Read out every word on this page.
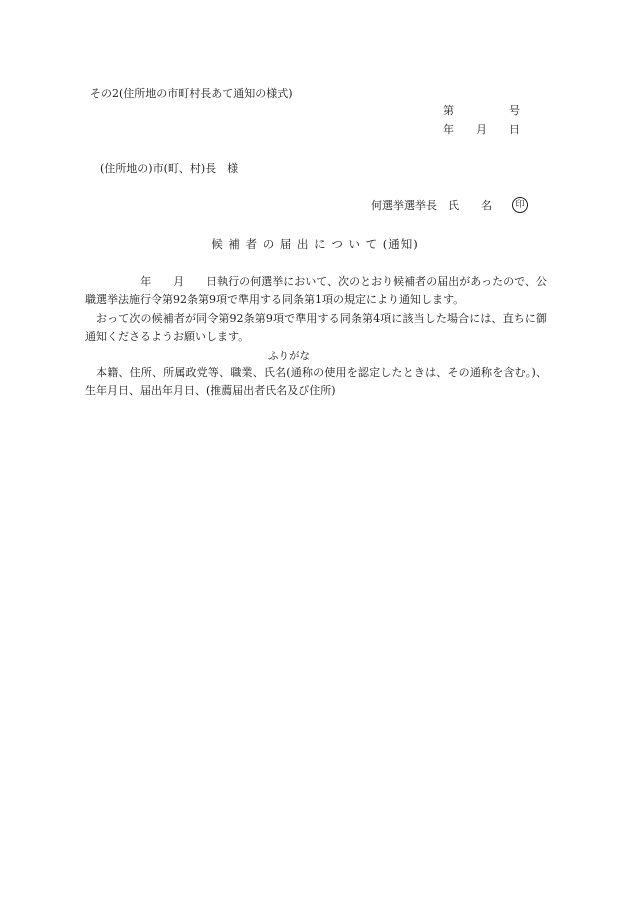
その2(住所地の市町村長あて通知の様式)
第　　　　　号
年　　月　　日
(住所地の)市(町、村)長　様
何選挙選挙長　氏　　名	印
候 補 者 の 届 出 に つ い て (通知)

　　　　　年　　月　　日執行の何選挙において、次のとおり候補者の届出があったので、公職選挙法施行令第92条第9項で準用する同条第1項の規定により通知します。

おって次の候補者が同令第92条第9項で準用する同条第4項に該当した場合には、直ちに御通知くださるようお願いします。

ふりがな

本籍、住所、所属政党等、職業、氏名(通称の使用を認定したときは、その通称を含む。)、生年月日、届出年月日、(推薦届出者氏名及び住所)
